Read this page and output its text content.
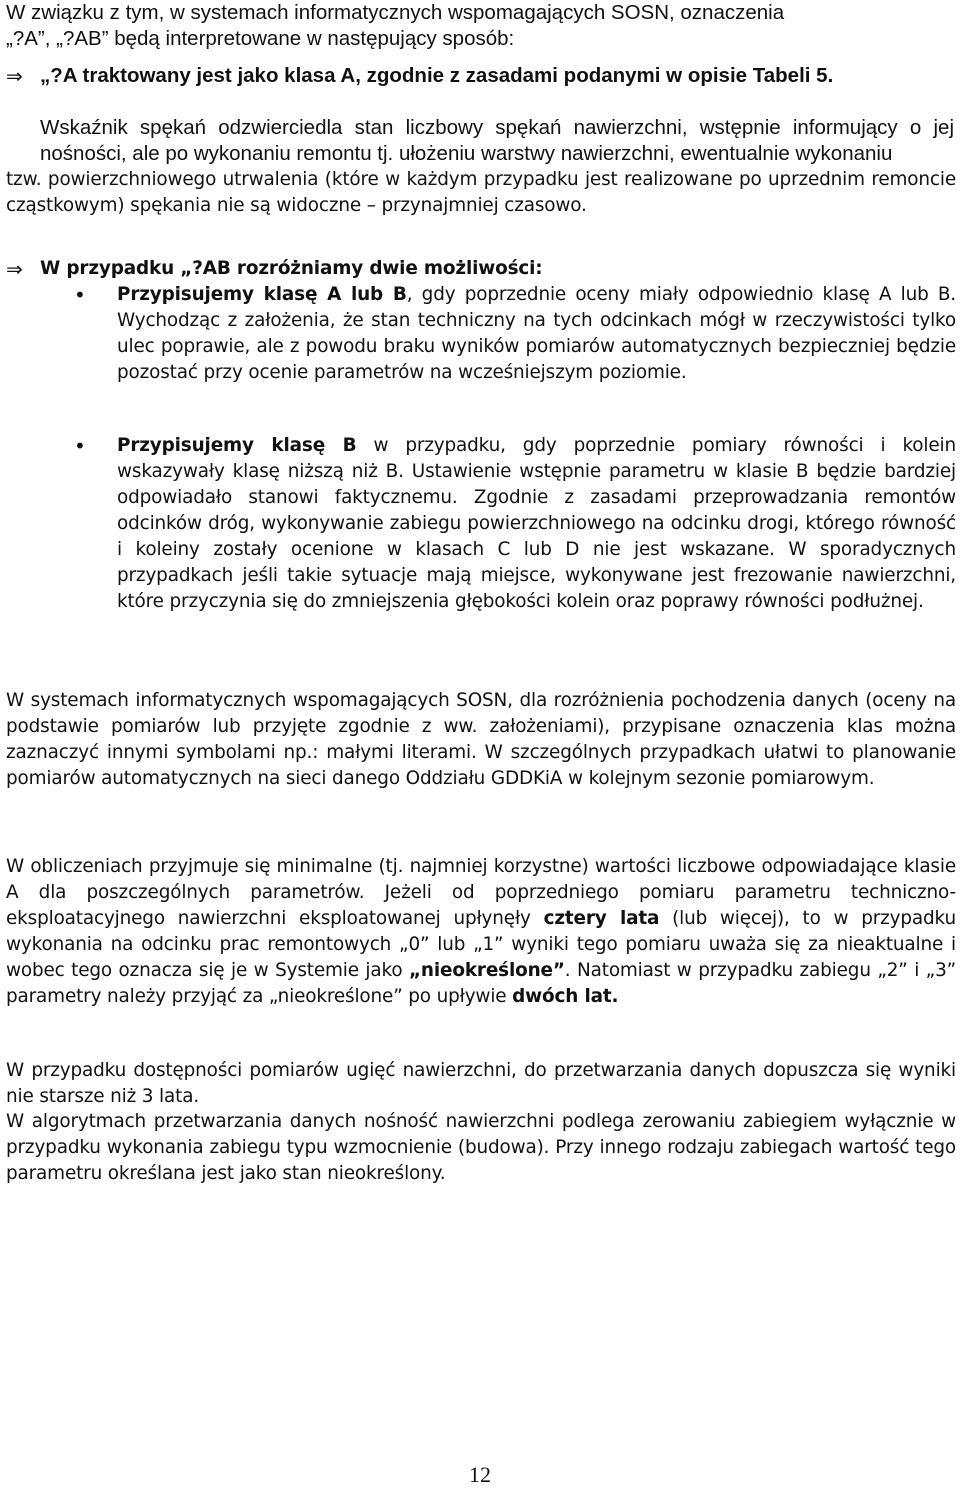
W związku z tym, w systemach informatycznych wspomagających SOSN, oznaczenia

„?A”, „?AB” będą interpretowane w następujący sposób:

⇒ „?A traktowany jest jako klasa A, zgodnie z zasadami podanymi w opisie Tabeli 5.

Wskaźnik spękań odzwierciedla stan liczbowy spękań nawierzchni, wstępnie informujący o jej nośności, ale po wykonaniu remontu tj. ułożeniu warstwy nawierzchni, ewentualnie wykonaniu

tzw. powierzchniowego utrwalenia (które w każdym przypadku jest realizowane po uprzednim remoncie cząstkowym) spękania nie są widoczne – przynajmniej czasowo.

⇒ W przypadku „?AB rozróżniamy dwie możliwości:

•	Przypisujemy klasę A lub B, gdy poprzednie oceny miały odpowiednio klasę A lub B. Wychodząc z założenia, że stan techniczny na tych odcinkach mógł w rzeczywistości tylko ulec poprawie, ale z powodu braku wyników pomiarów automatycznych bezpieczniej będzie pozostać przy ocenie parametrów na wcześniejszym poziomie.

•	Przypisujemy klasę B w przypadku, gdy poprzednie pomiary równości i kolein wskazywały klasę niższą niż B. Ustawienie wstępnie parametru w klasie B będzie bardziej odpowiadało stanowi faktycznemu. Zgodnie z zasadami przeprowadzania remontów odcinków dróg, wykonywanie zabiegu powierzchniowego na odcinku drogi, którego równość i koleiny zostały ocenione w klasach C lub D nie jest wskazane. W sporadycznych przypadkach jeśli takie sytuacje mają miejsce, wykonywane jest frezowanie nawierzchni, które przyczynia się do zmniejszenia głębokości kolein oraz poprawy równości podłużnej.

W systemach informatycznych wspomagających SOSN, dla rozróżnienia pochodzenia danych (oceny na podstawie pomiarów lub przyjęte zgodnie z ww. założeniami), przypisane oznaczenia klas można zaznaczyć innymi symbolami np.: małymi literami. W szczególnych przypadkach ułatwi to planowanie pomiarów automatycznych na sieci danego Oddziału GDDKiA w kolejnym sezonie pomiarowym.

W obliczeniach przyjmuje się minimalne (tj. najmniej korzystne) wartości liczbowe odpowiadające klasie A dla poszczególnych parametrów. Jeżeli od poprzedniego pomiaru parametru techniczno-eksploatacyjnego nawierzchni eksploatowanej upłynęły cztery lata (lub więcej), to w przypadku wykonania na odcinku prac remontowych „0” lub „1” wyniki tego pomiaru uważa się za nieaktualne i wobec tego oznacza się je w Systemie jako „nieokreślone”. Natomiast w przypadku zabiegu „2” i „3” parametry należy przyjąć za „nieokreślone” po upływie dwóch lat.

W przypadku dostępności pomiarów ugięć nawierzchni, do przetwarzania danych dopuszcza się wyniki nie starsze niż 3 lata.

W algorytmach przetwarzania danych nośność nawierzchni podlega zerowaniu zabiegiem wyłącznie w przypadku wykonania zabiegu typu wzmocnienie (budowa). Przy innego rodzaju zabiegach wartość tego parametru określana jest jako stan nieokreślony.

12
